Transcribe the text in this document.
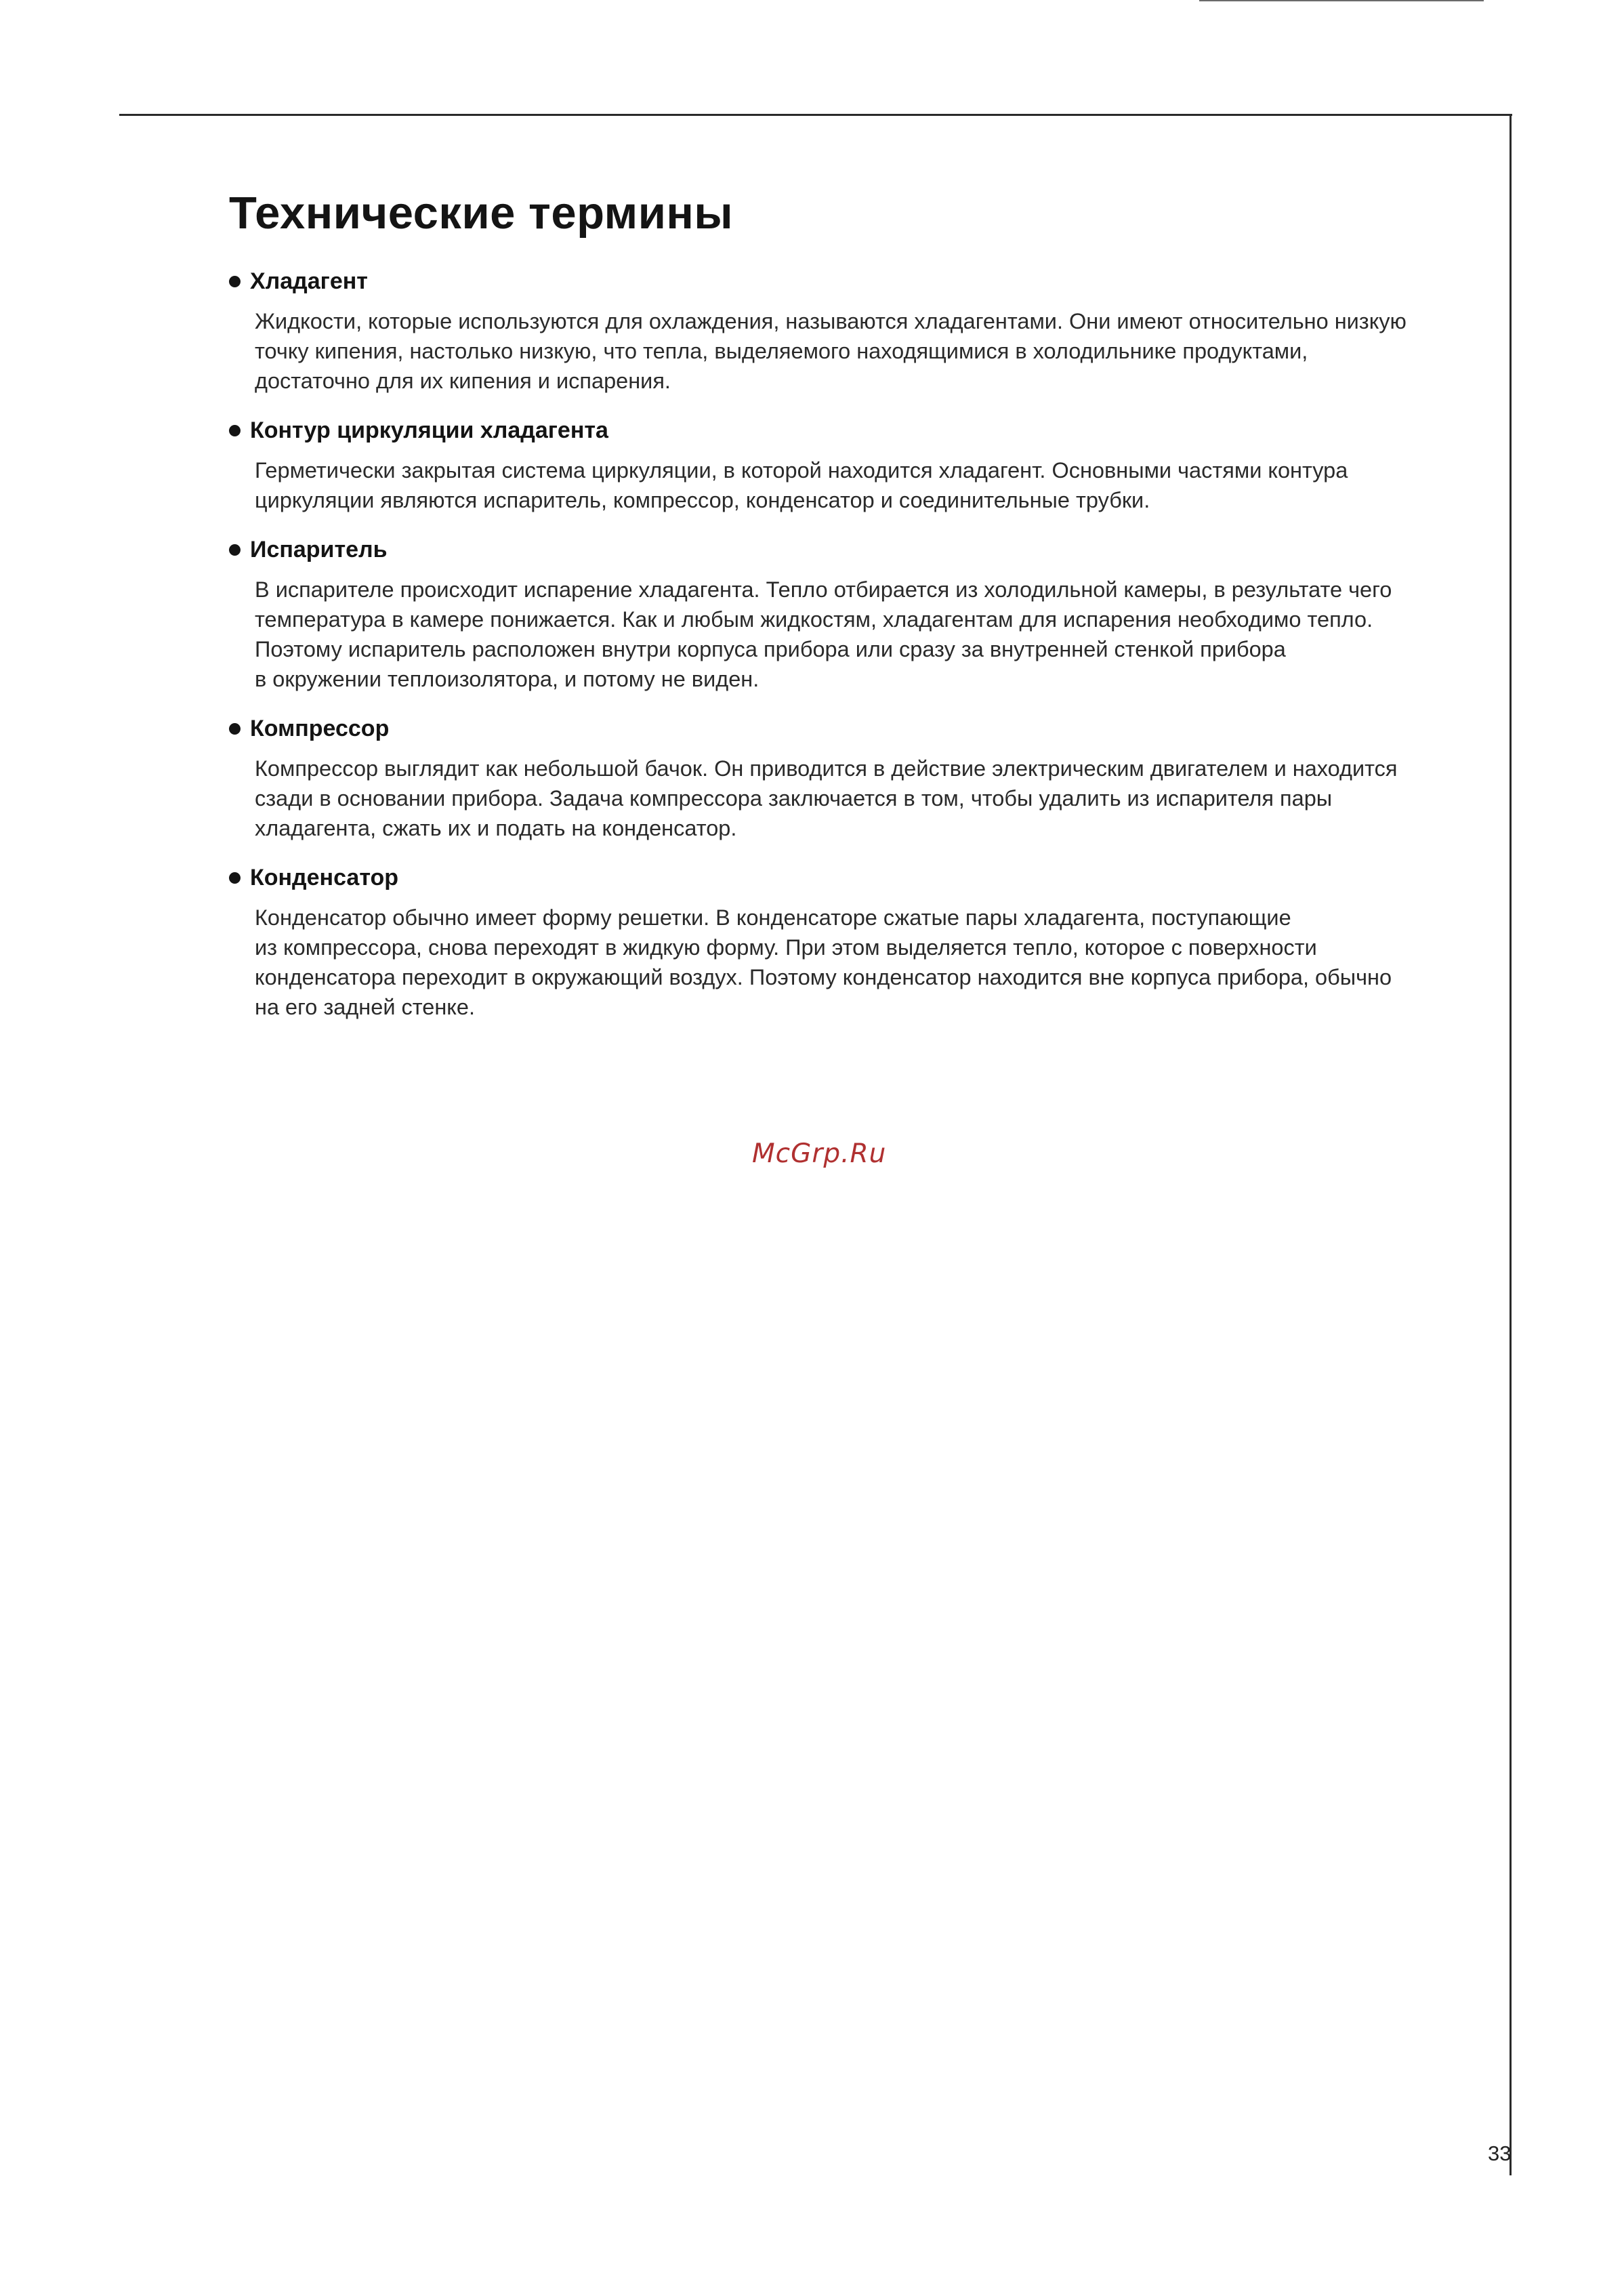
Технические термины
Хладагент
Жидкости, которые используются для охлаждения, называются хладагентами. Они имеют относительно низкую
точку кипения, настолько низкую, что тепла, выделяемого находящимися в холодильнике продуктами,
достаточно для их кипения и испарения.
Контур циркуляции хладагента
Герметически закрытая система циркуляции, в которой находится хладагент. Основными частями контура
циркуляции являются испаритель, компрессор, конденсатор и соединительные трубки.
Испаритель
В испарителе происходит испарение хладагента. Тепло отбирается из холодильной камеры, в результате чего
температура в камере понижается. Как и любым жидкостям, хладагентам для испарения необходимо тепло.
Поэтому испаритель расположен внутри корпуса прибора или сразу за внутренней стенкой прибора
в окружении теплоизолятора, и потому не виден.
Компрессор
Компрессор выглядит как небольшой бачок. Он приводится в действие электрическим двигателем и находится
сзади в основании прибора. Задача компрессора заключается в том, чтобы удалить из испарителя пары
хладагента, сжать их и подать на конденсатор.
Конденсатор
Конденсатор обычно имеет форму решетки. В конденсаторе сжатые пары хладагента, поступающие
из компрессора, снова переходят в жидкую форму. При этом выделяется тепло, которое с поверхности
конденсатора переходит в окружающий воздух. Поэтому конденсатор находится вне корпуса прибора, обычно
на его задней стенке.
McGrp.Ru
33
